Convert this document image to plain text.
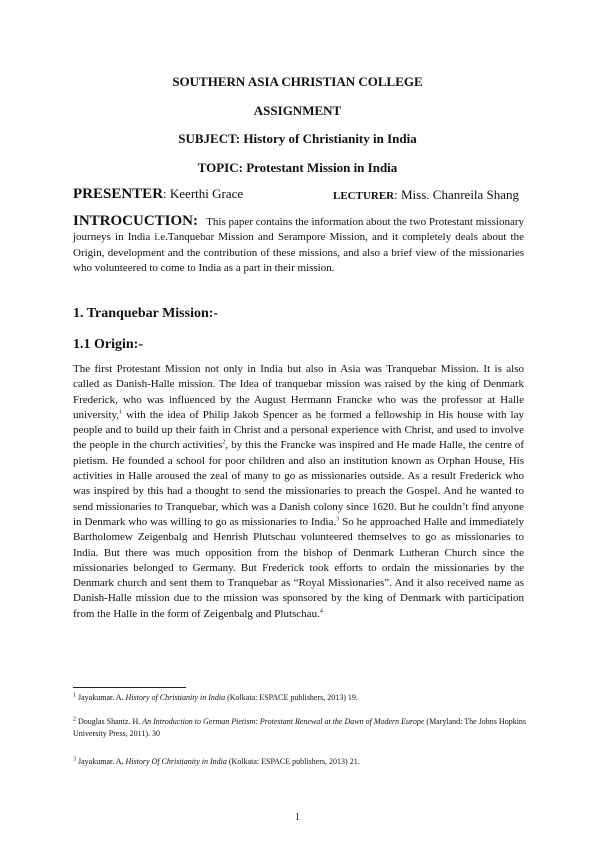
SOUTHERN ASIA CHRISTIAN COLLEGE
ASSIGNMENT
SUBJECT: History of Christianity in India
TOPIC: Protestant Mission in India
PRESENTER: Keerthi Grace	LECTURER: Miss. Chanreila Shang
INTROCUCTION: This paper contains the information about the two Protestant missionary journeys in India i.e.Tanquebar Mission and Serampore Mission, and it completely deals about the Origin, development and the contribution of these missions, and also a brief view of the missionaries who volunteered to come to India as a part in their mission.
1. Tranquebar Mission:-
1.1 Origin:-
The first Protestant Mission not only in India but also in Asia was Tranquebar Mission. It is also called as Danish-Halle mission. The Idea of tranquebar mission was raised by the king of Denmark Frederick, who was influenced by the August Hermann Francke who was the professor at Halle university,$^1$ with the idea of Philip Jakob Spencer as he formed a fellowship in His house with lay people and to build up their faith in Christ and a personal experience with Christ, and used to involve the people in the church activities$^2$, by this the Francke was inspired and He made Halle, the centre of pietism. He founded a school for poor children and also an institution known as Orphan House, His activities in Halle aroused the zeal of many to go as missionaries outside. As a result Frederick who was inspired by this had a thought to send the missionaries to preach the Gospel. And he wanted to send missionaries to Tranquebar, which was a Danish colony since 1620. But he couldn’t find anyone in Denmark who was willing to go as missionaries to India.$^3$ So he approached Halle and immediately Bartholomew Zeigenbalg and Henrish Plutschau volunteered themselves to go as missionaries to India. But there was much opposition from the bishop of Denmark Lutheran Church since the missionaries belonged to Germany. But Frederick took efforts to ordain the missionaries by the Denmark church and sent them to Tranquebar as “Royal Missionaries”. And it also received name as Danish-Halle mission due to the mission was sponsored by the king of Denmark with participation from the Halle in the form of Zeigenbalg and Plutschau.$^4$
$^1$ Jayakumar. A. History of Christianity in India (Kolkata: ESPACE publishers, 2013) 19.
$^2$ Douglas Shantz. H. An Introduction to German Pietism: Protestant Renewal at the Dawn of Modern Europe (Maryland: The Johns Hopkins University Press, 2011). 30
$^3$ Jayakumar. A, History Of Christianity in India (Kolkata: ESPACE publishers, 2013) 21.
1
